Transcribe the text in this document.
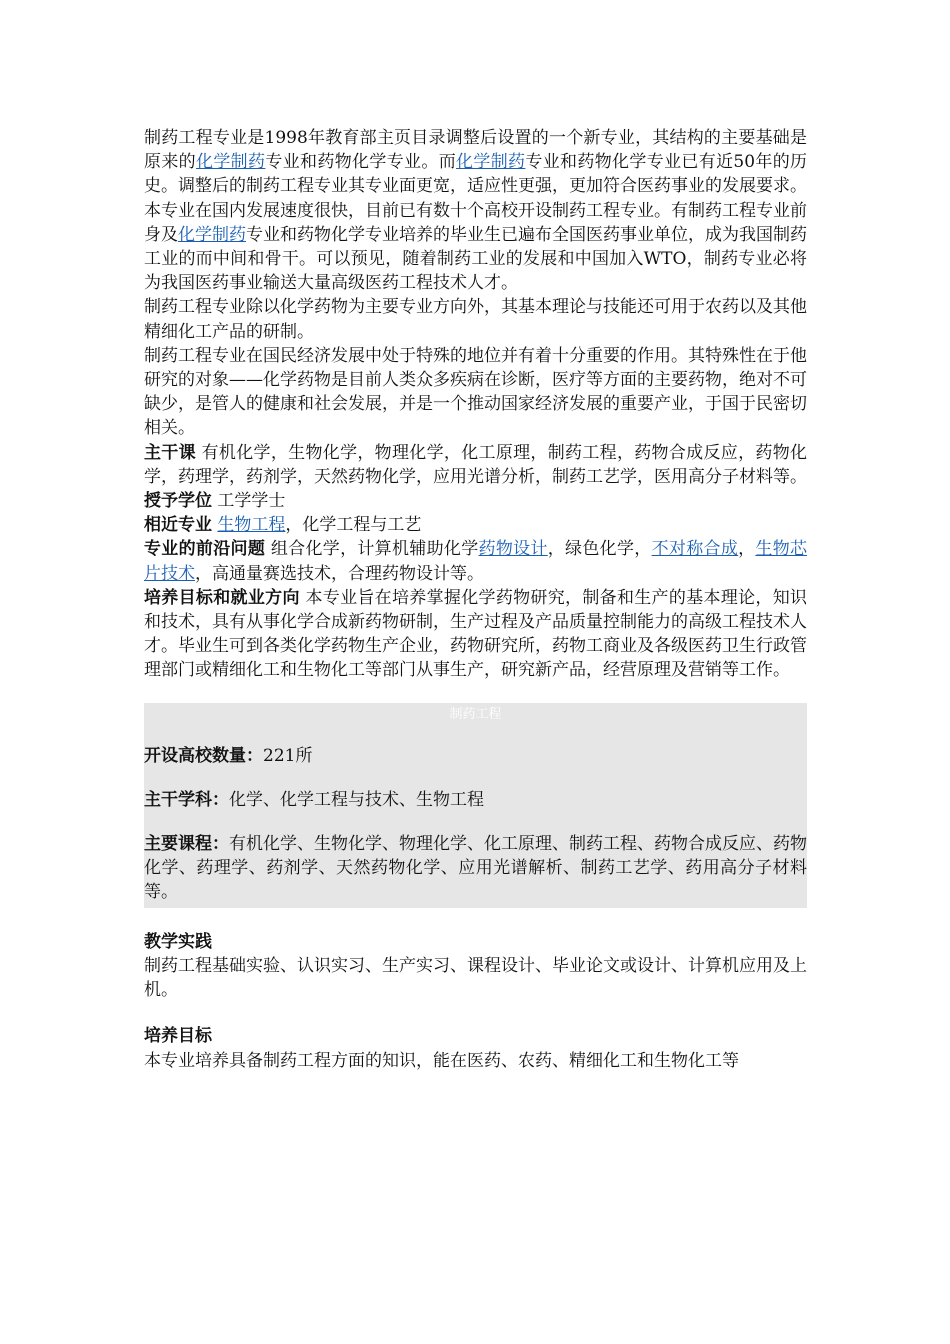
制药工程专业是1998年教育部主页目录调整后设置的一个新专业，其结构的主要基础是原来的化学制药专业和药物化学专业。而化学制药专业和药物化学专业已有近50年的历史。调整后的制药工程专业其专业面更宽，适应性更强，更加符合医药事业的发展要求。本专业在国内发展速度很快，目前已有数十个高校开设制药工程专业。有制药工程专业前身及化学制药专业和药物化学专业培养的毕业生已遍布全国医药事业单位，成为我国制药工业的而中间和骨干。可以预见，随着制药工业的发展和中国加入WTO，制药专业必将为我国医药事业输送大量高级医药工程技术人才。

制药工程专业除以化学药物为主要专业方向外，其基本理论与技能还可用于农药以及其他精细化工产品的研制。

制药工程专业在国民经济发展中处于特殊的地位并有着十分重要的作用。其特殊性在于他研究的对象——化学药物是目前人类众多疾病在诊断，医疗等方面的主要药物，绝对不可缺少，是管人的健康和社会发展，并是一个推动国家经济发展的重要产业，于国于民密切相关。

主干课 有机化学，生物化学，物理化学，化工原理，制药工程，药物合成反应，药物化学，药理学，药剂学，天然药物化学，应用光谱分析，制药工艺学，医用高分子材料等。

授予学位 工学学士

相近专业 生物工程，化学工程与工艺

专业的前沿问题 组合化学，计算机辅助化学药物设计，绿色化学，不对称合成，生物芯片技术，高通量赛选技术，合理药物设计等。

培养目标和就业方向 本专业旨在培养掌握化学药物研究，制备和生产的基本理论，知识和技术，具有从事化学合成新药物研制，生产过程及产品质量控制能力的高级工程技术人才。毕业生可到各类化学药物生产企业，药物研究所，药物工商业及各级医药卫生行政管理部门或精细化工和生物化工等部门从事生产，研究新产品，经营原理及营销等工作。

制药工程

开设高校数量：221所

主干学科：化学、化学工程与技术、生物工程

主要课程：有机化学、生物化学、物理化学、化工原理、制药工程、药物合成反应、药物化学、药理学、药剂学、天然药物化学、应用光谱解析、制药工艺学、药用高分子材料等。

教学实践

制药工程基础实验、认识实习、生产实习、课程设计、毕业论文或设计、计算机应用及上机。

培养目标

本专业培养具备制药工程方面的知识，能在医药、农药、精细化工和生物化工等
